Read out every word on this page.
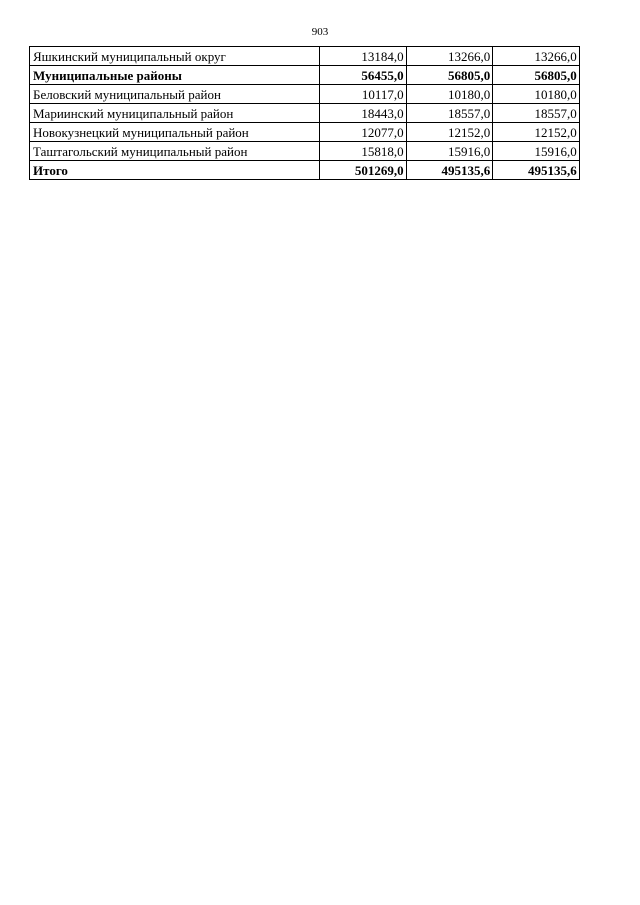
903
Яшкинский муниципальный округ	13184,0	13266,0	13266,0
Муниципальные районы	56455,0	56805,0	56805,0
Беловский муниципальный район	10117,0	10180,0	10180,0
Мариинский муниципальный район	18443,0	18557,0	18557,0
Новокузнецкий муниципальный район	12077,0	12152,0	12152,0
Таштагольский муниципальный район	15818,0	15916,0	15916,0
Итого	501269,0	495135,6	495135,6
